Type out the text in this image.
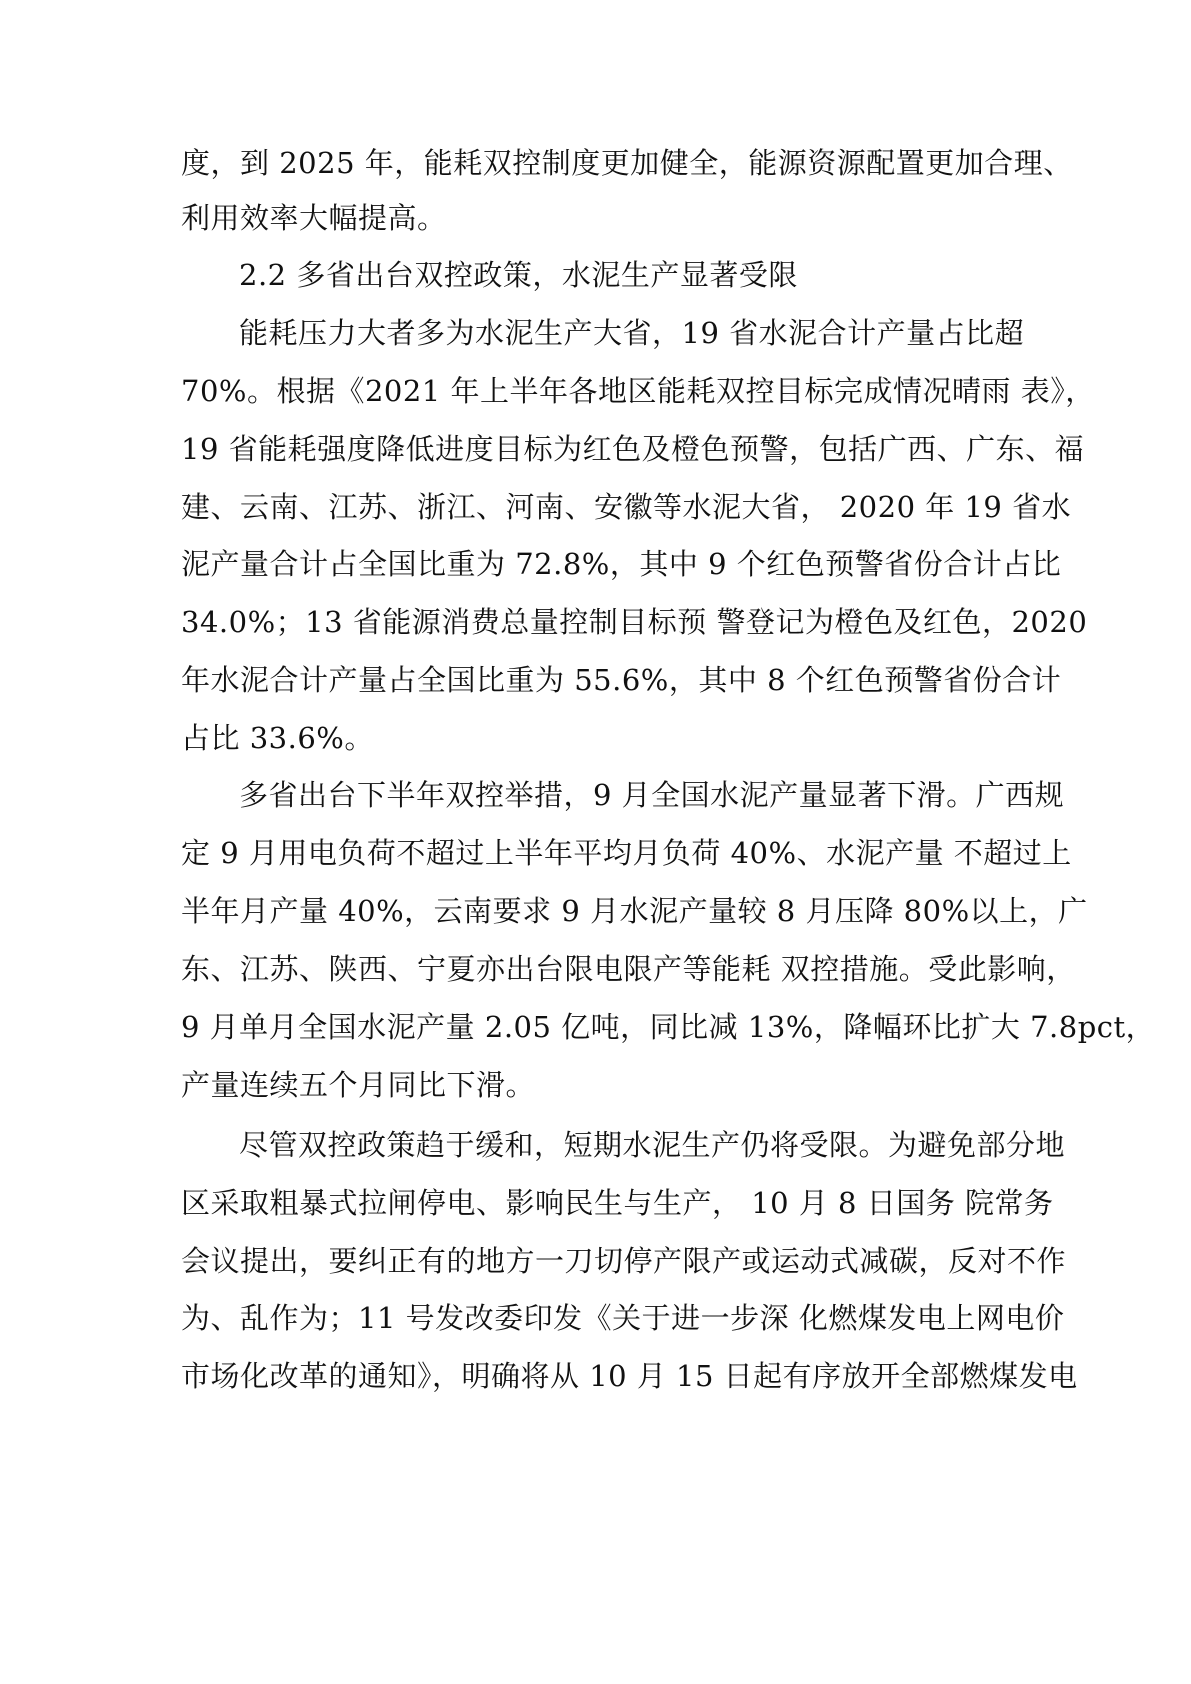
度，到 2025 年，能耗双控制度更加健全，能源资源配置更加合理、
利用效率大幅提高。
2.2 多省出台双控政策，水泥生产显著受限
能耗压力大者多为水泥生产大省，19 省水泥合计产量占比超
70%。根据《2021 年上半年各地区能耗双控目标完成情况晴雨 表》，
19 省能耗强度降低进度目标为红色及橙色预警，包括广西、广东、福
建、云南、江苏、浙江、河南、安徽等水泥大省， 2020 年 19 省水
泥产量合计占全国比重为 72.8%，其中 9 个红色预警省份合计占比
34.0%；13 省能源消费总量控制目标预 警登记为橙色及红色，2020
年水泥合计产量占全国比重为 55.6%，其中 8 个红色预警省份合计
占比 33.6%。
多省出台下半年双控举措，9 月全国水泥产量显著下滑。广西规
定 9 月用电负荷不超过上半年平均月负荷 40%、水泥产量 不超过上
半年月产量 40%，云南要求 9 月水泥产量较 8 月压降 80%以上，广
东、江苏、陕西、宁夏亦出台限电限产等能耗 双控措施。受此影响，
9 月单月全国水泥产量 2.05 亿吨，同比减 13%，降幅环比扩大 7.8pct，
产量连续五个月同比下滑。
尽管双控政策趋于缓和，短期水泥生产仍将受限。为避免部分地
区采取粗暴式拉闸停电、影响民生与生产， 10 月 8 日国务 院常务
会议提出，要纠正有的地方一刀切停产限产或运动式减碳，反对不作
为、乱作为；11 号发改委印发《关于进一步深 化燃煤发电上网电价
市场化改革的通知》，明确将从 10 月 15 日起有序放开全部燃煤发电
